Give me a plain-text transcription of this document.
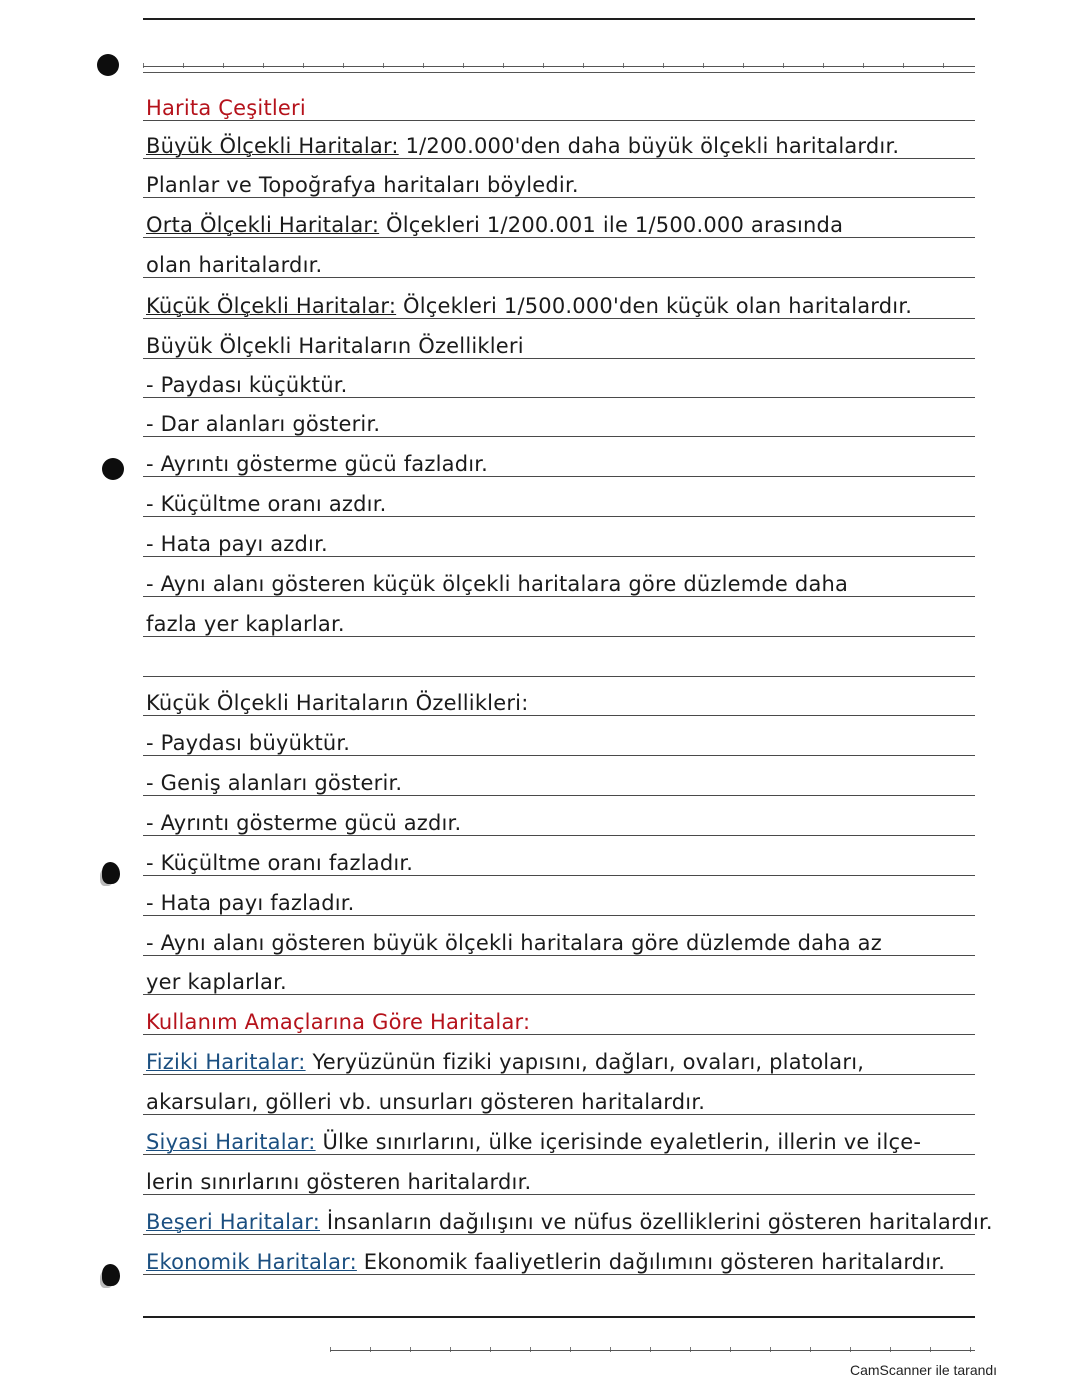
Harita Çeşitleri
Büyük Ölçekli Haritalar: 1/200.000'den daha büyük ölçekli haritalardır.
Planlar ve Topoğrafya haritaları böyledir.
Orta Ölçekli Haritalar: Ölçekleri 1/200.001 ile 1/500.000 arasında
olan haritalardır.
Küçük Ölçekli Haritalar: Ölçekleri 1/500.000'den küçük olan haritalardır.
Büyük Ölçekli Haritaların Özellikleri
- Paydası küçüktür.
- Dar alanları gösterir.
- Ayrıntı gösterme gücü fazladır.
- Küçültme oranı azdır.
- Hata payı azdır.
- Aynı alanı gösteren küçük ölçekli haritalara göre düzlemde daha
fazla yer kaplarlar.
Küçük Ölçekli Haritaların Özellikleri:
- Paydası büyüktür.
- Geniş alanları gösterir.
- Ayrıntı gösterme gücü azdır.
- Küçültme oranı fazladır.
- Hata payı fazladır.
- Aynı alanı gösteren büyük ölçekli haritalara göre düzlemde daha az
yer kaplarlar.
Kullanım Amaçlarına Göre Haritalar:
Fiziki Haritalar: Yeryüzünün fiziki yapısını, dağları, ovaları, platoları,
akarsuları, gölleri vb. unsurları gösteren haritalardır.
Siyasi Haritalar: Ülke sınırlarını, ülke içerisinde eyaletlerin, illerin ve ilçe-
lerin sınırlarını gösteren haritalardır.
Beşeri Haritalar: İnsanların dağılışını ve nüfus özelliklerini gösteren haritalardır.
Ekonomik Haritalar: Ekonomik faaliyetlerin dağılımını gösteren haritalardır.
CamScanner ile tarandı
